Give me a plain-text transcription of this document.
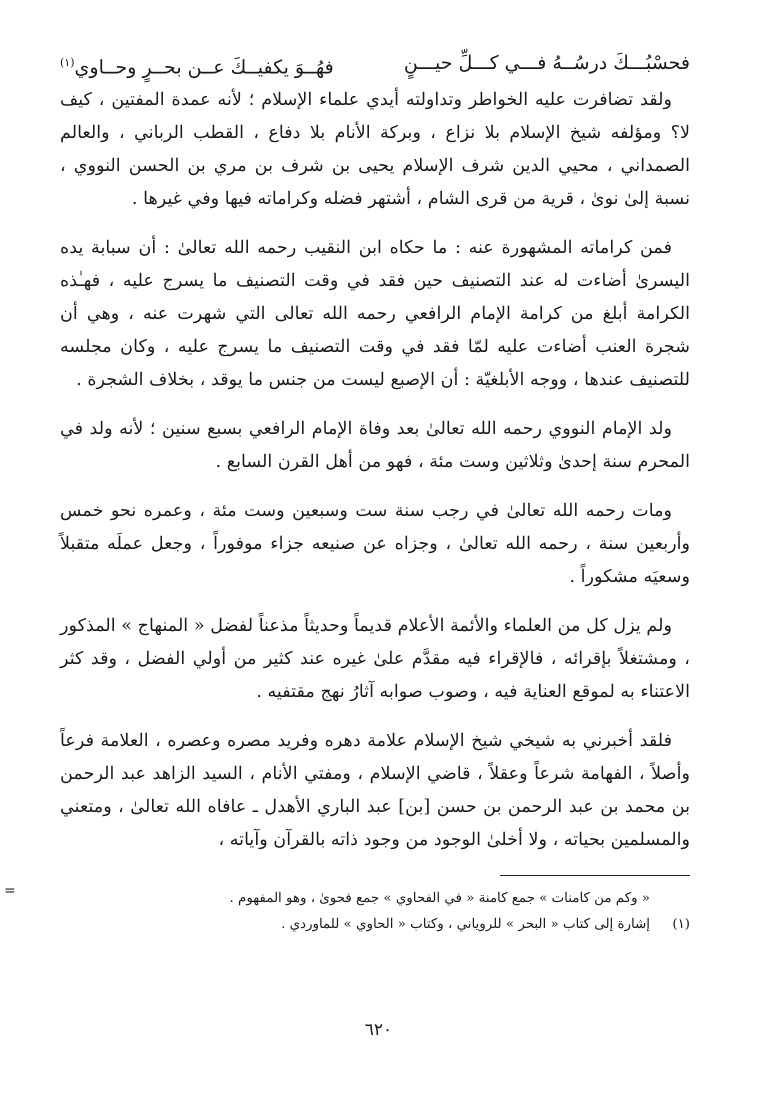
فحسْبُـــكَ درسُــهُ فـــي كـــلِّ حيـــنٍ
فهُــوَ يكفيــكَ عــن بحــرٍ وحــاوي$^{(١)}$

ولقد تضافرت عليه الخواطر وتداولته أيدي علماء الإسلام ؛ لأنه عمدة المفتين ، كيف لا؟ ومؤلفه شيخ الإسلام بلا نزاع ، وبركة الأنام بلا دفاع ، القطب الرباني ، والعالم الصمداني ، محيي الدين شرف الإسلام يحيى بن شرف بن مري بن الحسن النووي ، نسبة إلىٰ نوىٰ ، قرية من قرى الشام ، أشتهر فضله وكراماته فيها وفي غيرها .

فمن كراماته المشهورة عنه : ما حكاه ابن النقيب رحمه الله تعالىٰ : أن سبابة يده اليسرىٰ أضاءت له عند التصنيف حين فقد في وقت التصنيف ما يسرج عليه ، فهـٰذه الكرامة أبلغ من كرامة الإمام الرافعي رحمه الله تعالى التي شهرت عنه ، وهي أن شجرة العنب أضاءت عليه لمّا فقد في وقت التصنيف ما يسرج عليه ، وكان مجلسه للتصنيف عندها ، ووجه الأبلغيّة : أن الإصبع ليست من جنس ما يوقد ، بخلاف الشجرة .

ولد الإمام النووي رحمه الله تعالىٰ بعد وفاة الإمام الرافعي بسبع سنين ؛ لأنه ولد في المحرم سنة إحدىٰ وثلاثين وست مئة ، فهو من أهل القرن السابع .

ومات رحمه الله تعالىٰ في رجب سنة ست وسبعين وست مئة ، وعمره نحو خمس وأربعين سنة ، رحمه الله تعالىٰ ، وجزاه عن صنيعه جزاء موفوراً ، وجعل عملَه متقبلاً وسعيَه مشكوراً .

ولم يزل كل من العلماء والأئمة الأعلام قديماً وحديثاً مذعناً لفضل « المنهاج » المذكور ، ومشتغلاً بإقرائه ، فالإقراء فيه مقدَّم علىٰ غيره عند كثير من أولي الفضل ، وقد كثر الاعتناء به لموقع العناية فيه ، وصوب صوابه آثارُ نهج مقتفيه .

فلقد أخبرني به شيخي شيخ الإسلام علامة دهره وفريد مصره وعصره ، العلامة فرعاً وأصلاً ، الفهامة شرعاً وعقلاً ، قاضي الإسلام ، ومفتي الأنام ، السيد الزاهد عبد الرحمن بن محمد بن عبد الرحمن بن حسن [بن] عبد الباري الأهدل ـ عافاه الله تعالىٰ ، ومتعني والمسلمين بحياته ، ولا أخلىٰ الوجود من وجود ذاته بالقرآن وآياته ،

« وكم من كامنات » جمع كامنة « في الفحاوي » جمع فحوىٰ ، وهو المفهوم .
(١)
إشارة إلى كتاب « البحر » للروياني ، وكتاب « الحاوي » للماوردي .
=
٦٢٠
